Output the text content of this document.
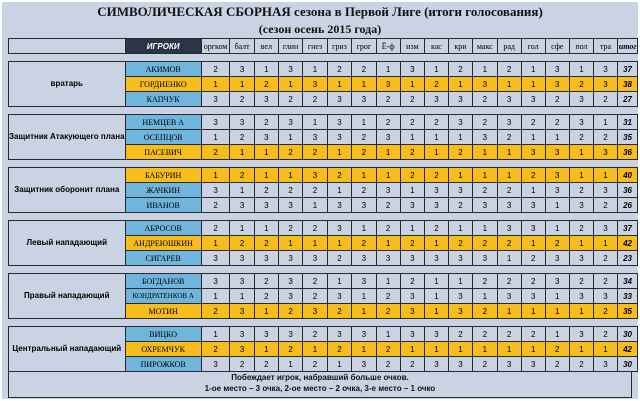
СИМВОЛИЧЕСКАЯ СБОРНАЯ сезона в Первой Лиге (итоги голосования)
(сезон осень 2015 года)
	ИГРОКИ	оргком	балт	вел	глин	гнез	гриз	грог	Ё-ф	изм	кас	кри	макс	рад	гол	сфе	пол	тра	итог

вратарь	АКИМОВ	2	3	1	3	1	2	2	1	3	1	2	1	2	1	3	1	3	37
	ГОРДИЕНКО	1	1	2	1	3	1	1	3	1	2	1	3	1	1	3	2	3	38
	КАПЧУК	3	2	3	2	2	3	3	2	2	3	3	2	3	3	2	3	2	27

Защитник Атакующего плана	НЕМЦЕВ А	3	3	2	3	1	3	1	2	2	2	3	2	3	2	2	3	1	31
	ОСЕПЦОВ	1	2	3	1	3	3	2	3	1	1	1	3	2	1	1	2	2	35
	ПАСЕВИЧ	2	1	1	2	2	1	2	1	2	1	2	1	1	3	3	1	3	36

Защитник оборонит плана	БАБУРИН	1	2	1	1	3	2	1	1	2	2	1	1	1	2	3	1	1	40
	ЖАЧКИН	3	1	2	2	2	1	2	3	1	3	3	2	2	1	3	2	3	36
	ИВАНОВ	2	3	3	3	1	3	3	2	3	3	2	3	3	3	1	3	2	26

Левый нападающий	АБРОСОВ	2	1	1	2	2	3	1	2	1	2	1	1	3	3	1	2	3	37
	АНДРЕЮШКИН	1	2	2	1	1	1	2	1	2	1	2	2	2	1	2	1	1	42
	СИГАРЕВ	3	3	3	3	3	2	3	3	3	3	3	3	1	2	3	3	2	23

Правый нападающий	БОГДАНОВ	3	3	2	3	2	1	3	1	2	1	1	2	2	2	3	2	2	34
	КОНДРАТЕНКОВ А	1	1	2	3	2	3	1	2	3	1	3	1	3	3	1	3	3	33
	МОТИН	2	3	1	2	3	2	1	2	3	1	3	2	1	1	1	1	2	35

Центральный нападающий	ВИЦКО	1	3	3	3	2	3	3	1	3	3	2	2	2	2	1	3	2	30
	ОХРЕМЧУК	2	3	1	2	1	2	1	2	1	1	1	1	1	1	2	1	1	42
	ПИРОЖКОВ	3	2	2	1	2	1	3	2	2	3	3	2	3	3	2	2	3	30
Побеждает игрок, набравший больше очков.
1-ое место – 3 очка, 2-ое место – 2 очка, 3-е место – 1 очко
